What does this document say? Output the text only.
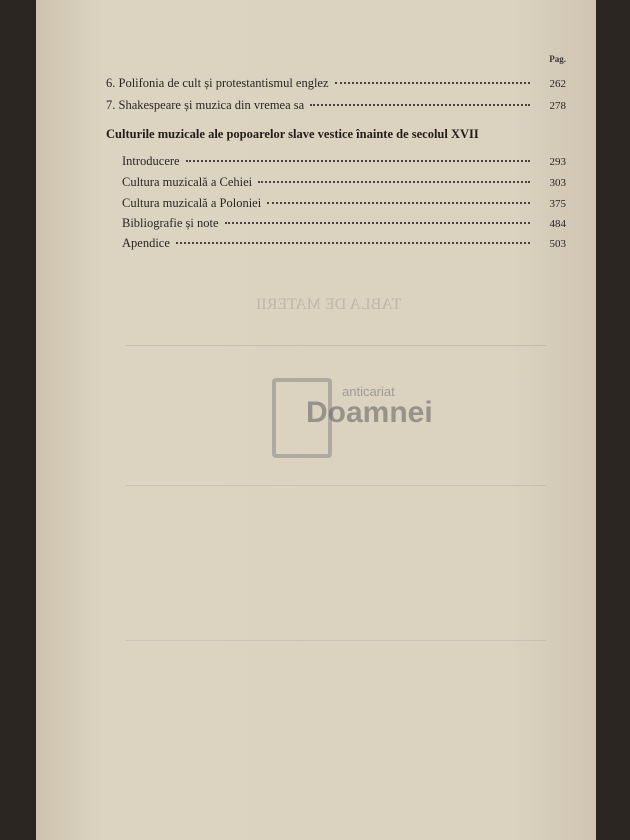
TABLA DE MATERII
Pag.
6. Polifonia de cult și protestantismul englez	262
7. Shakespeare și muzica din vremea sa	278
Culturile muzicale ale popoarelor slave vestice înainte de secolul XVII
Introducere	293
Cultura muzicală a Cehiei	303
Cultura muzicală a Poloniei	375
Bibliografie și note	484
Apendice	503
anticariat
Doamnei
